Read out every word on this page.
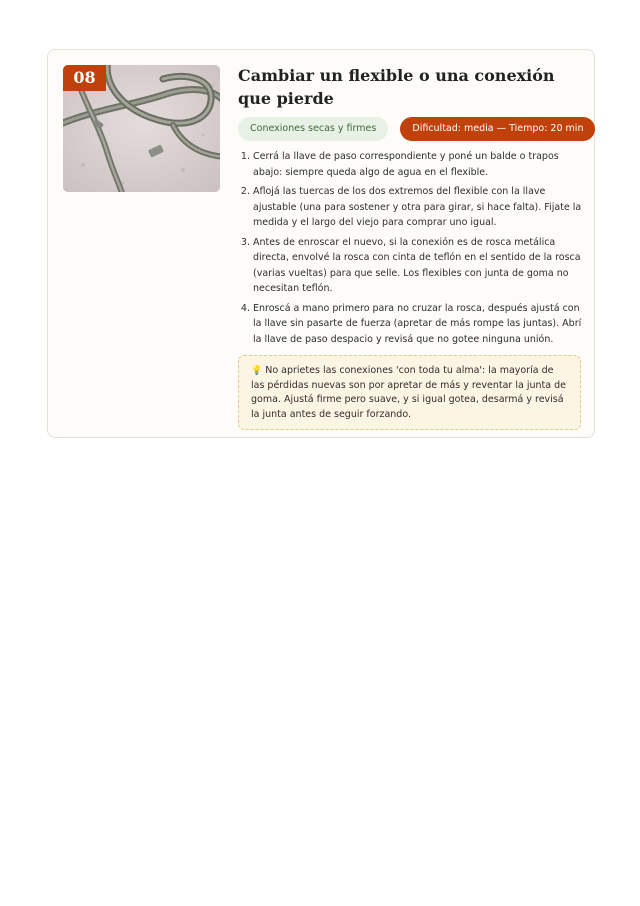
08	Cambiar un flexible o una conexión que pierde
Conexiones secas y firmes	Dificultad: media — Tiempo: 20 min
1. Cerrá la llave de paso correspondiente y poné un balde o trapos abajo: siempre queda algo de agua en el flexible.
2. Aflojá las tuercas de los dos extremos del flexible con la llave ajustable (una para sostener y otra para girar, si hace falta). Fijate la medida y el largo del viejo para comprar uno igual.
3. Antes de enroscar el nuevo, si la conexión es de rosca metálica directa, envolvé la rosca con cinta de teflón en el sentido de la rosca (varias vueltas) para que selle. Los flexibles con junta de goma no necesitan teflón.
4. Enroscá a mano primero para no cruzar la rosca, después ajustá con la llave sin pasarte de fuerza (apretar de más rompe las juntas). Abrí la llave de paso despacio y revisá que no gotee ninguna unión.
💡 No aprietes las conexiones 'con toda tu alma': la mayoría de las pérdidas nuevas son por apretar de más y reventar la junta de goma. Ajustá firme pero suave, y si igual gotea, desarmá y revisá la junta antes de seguir forzando.
